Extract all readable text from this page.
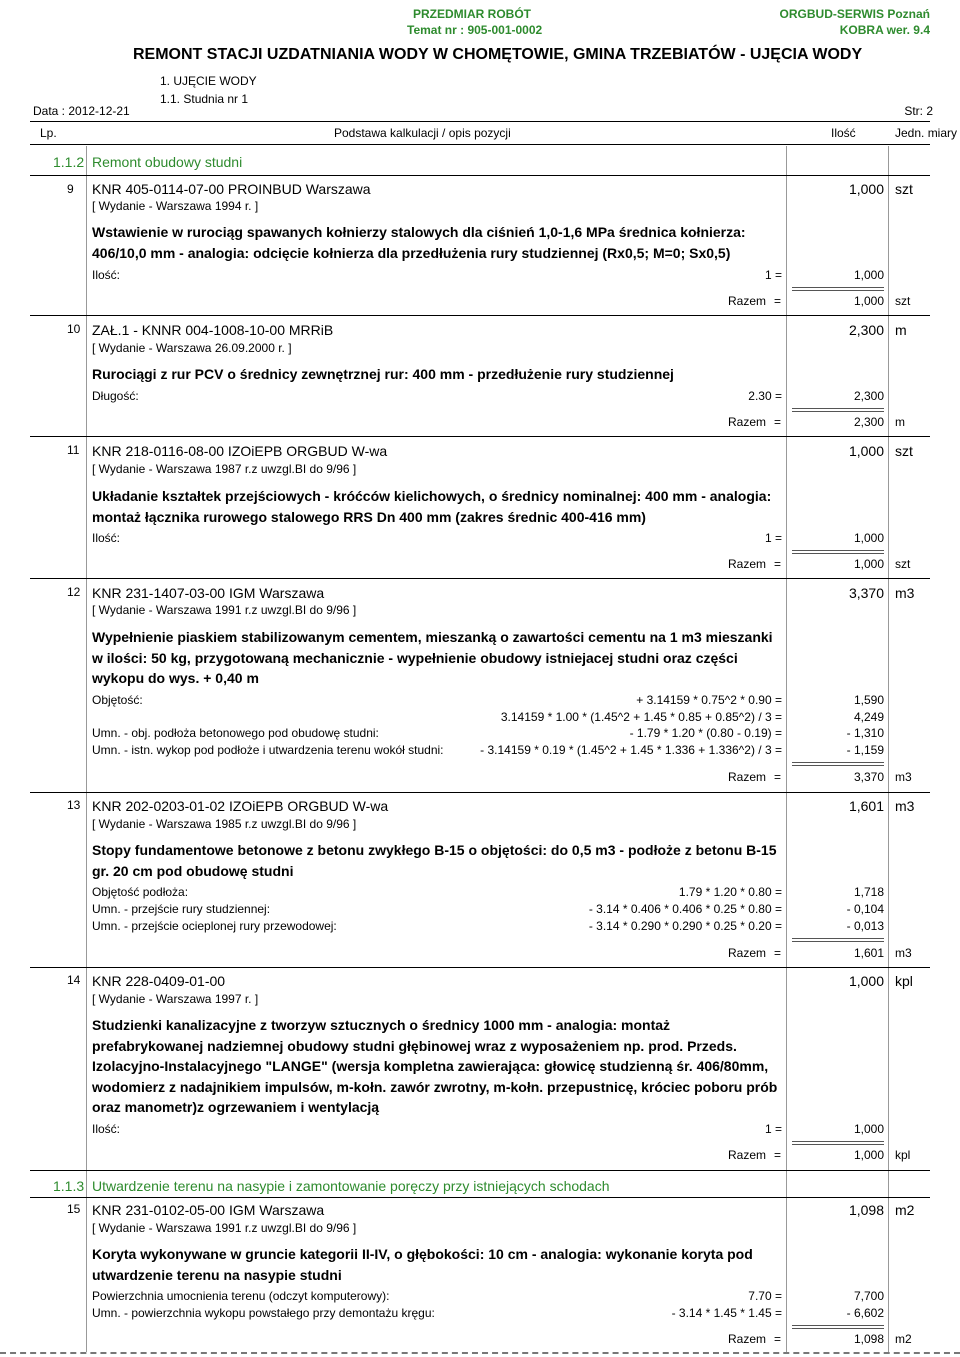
PRZEDMIAR ROBÓT
Temat nr : 905-001-0002
ORGBUD-SERWIS Poznań
KOBRA wer. 9.4
REMONT STACJI UZDATNIANIA WODY W CHOMĘTOWIE, GMINA TRZEBIATÓW - UJĘCIA WODY
1. UJĘCIE WODY
1.1. Studnia nr 1
Data : 2012-12-21	Str: 2
Lp.	Podstawa kalkulacji / opis pozycji	Ilość	Jedn. miary
1.1.2 Remont obudowy studni
9 KNR 405-0114-07-00 PROINBUD Warszawa
[ Wydanie - Warszawa 1994 r. ]
1,000 szt
Wstawienie w rurociąg spawanych kołnierzy stalowych dla ciśnień 1,0-1,6 MPa średnica kołnierza: 406/10,0 mm - analogia: odcięcie kołnierza dla przedłużenia rury studziennej (Rx0,5; M=0; Sx0,5)
Ilość:	1 =	1,000
Razem =	1,000 szt
10 ZAŁ.1 - KNNR 004-1008-10-00 MRRiB
[ Wydanie - Warszawa 26.09.2000 r. ]
2,300 m
Rurociągi z rur PCV o średnicy zewnętrznej rur: 400 mm - przedłużenie rury studziennej
Długość:	2.30 =	2,300
Razem =	2,300 m
11 KNR 218-0116-08-00 IZOiEPB ORGBUD W-wa
[ Wydanie - Warszawa 1987 r.z uwzgl.BI do 9/96 ]
1,000 szt
Układanie kształtek przejściowych - króćców kielichowych, o średnicy nominalnej: 400 mm - analogia: montaż łącznika rurowego stalowego RRS Dn 400 mm (zakres średnic 400-416 mm)
Ilość:	1 =	1,000
Razem =	1,000 szt
12 KNR 231-1407-03-00 IGM Warszawa
[ Wydanie - Warszawa 1991 r.z uwzgl.BI do 9/96 ]
3,370 m3
Wypełnienie piaskiem stabilizowanym cementem, mieszanką o zawartości cementu na 1 m3 mieszanki w ilości: 50 kg, przygotowaną mechanicznie - wypełnienie obudowy istniejacej studni oraz części wykopu do wys. + 0,40 m
Objętość:	+ 3.14159 * 0.75^2 * 0.90 =	1,590
3.14159 * 1.00 * (1.45^2 + 1.45 * 0.85 + 0.85^2) / 3 =	4,249
Umn. - obj. podłoża betonowego pod obudowę studni:	- 1.79 * 1.20 * (0.80 - 0.19) =	- 1,310
Umn. - istn. wykop pod podłoże i utwardzenia terenu wokół studni:	- 3.14159 * 0.19 * (1.45^2 + 1.45 * 1.336 + 1.336^2) / 3 =	- 1,159
Razem =	3,370 m3
13 KNR 202-0203-01-02 IZOiEPB ORGBUD W-wa
[ Wydanie - Warszawa 1985 r.z uwzgl.BI do 9/96 ]
1,601 m3
Stopy fundamentowe betonowe z betonu zwykłego B-15 o objętości: do 0,5 m3 - podłoże z betonu B-15 gr. 20 cm pod obudowę studni
Objętość podłoża:	1.79 * 1.20 * 0.80 =	1,718
Umn. - przejście rury studziennej:	- 3.14 * 0.406 * 0.406 * 0.25 * 0.80 =	- 0,104
Umn. - przejście ocieplonej rury przewodowej:	- 3.14 * 0.290 * 0.290 * 0.25 * 0.20 =	- 0,013
Razem =	1,601 m3
14 KNR 228-0409-01-00
[ Wydanie - Warszawa 1997 r. ]
1,000 kpl
Studzienki kanalizacyjne z tworzyw sztucznych o średnicy 1000 mm - analogia: montaż prefabrykowanej nadziemnej obudowy studni głębinowej wraz z wyposażeniem np. prod. Przeds. Izolacyjno-Instalacyjnego "LANGE" (wersja kompletna zawierająca: głowicę studzienną śr. 406/80mm, wodomierz z nadajnikiem impulsów, m-kołn. zawór zwrotny, m-kołn. przepustnicę, króciec poboru prób oraz manometr)z ogrzewaniem i wentylacją
Ilość:	1 =	1,000
Razem =	1,000 kpl
1.1.3 Utwardzenie terenu na nasypie i zamontowanie poręczy przy istniejących schodach
15 KNR 231-0102-05-00 IGM Warszawa
[ Wydanie - Warszawa 1991 r.z uwzgl.BI do 9/96 ]
1,098 m2
Koryta wykonywane w gruncie kategorii II-IV, o głębokości: 10 cm - analogia: wykonanie koryta pod utwardzenie terenu na nasypie studni
Powierzchnia umocnienia terenu (odczyt komputerowy):	7.70 =	7,700
Umn. - powierzchnia wykopu powstałego przy demontażu kręgu:	- 3.14 * 1.45 * 1.45 =	- 6,602
Razem =	1,098 m2
